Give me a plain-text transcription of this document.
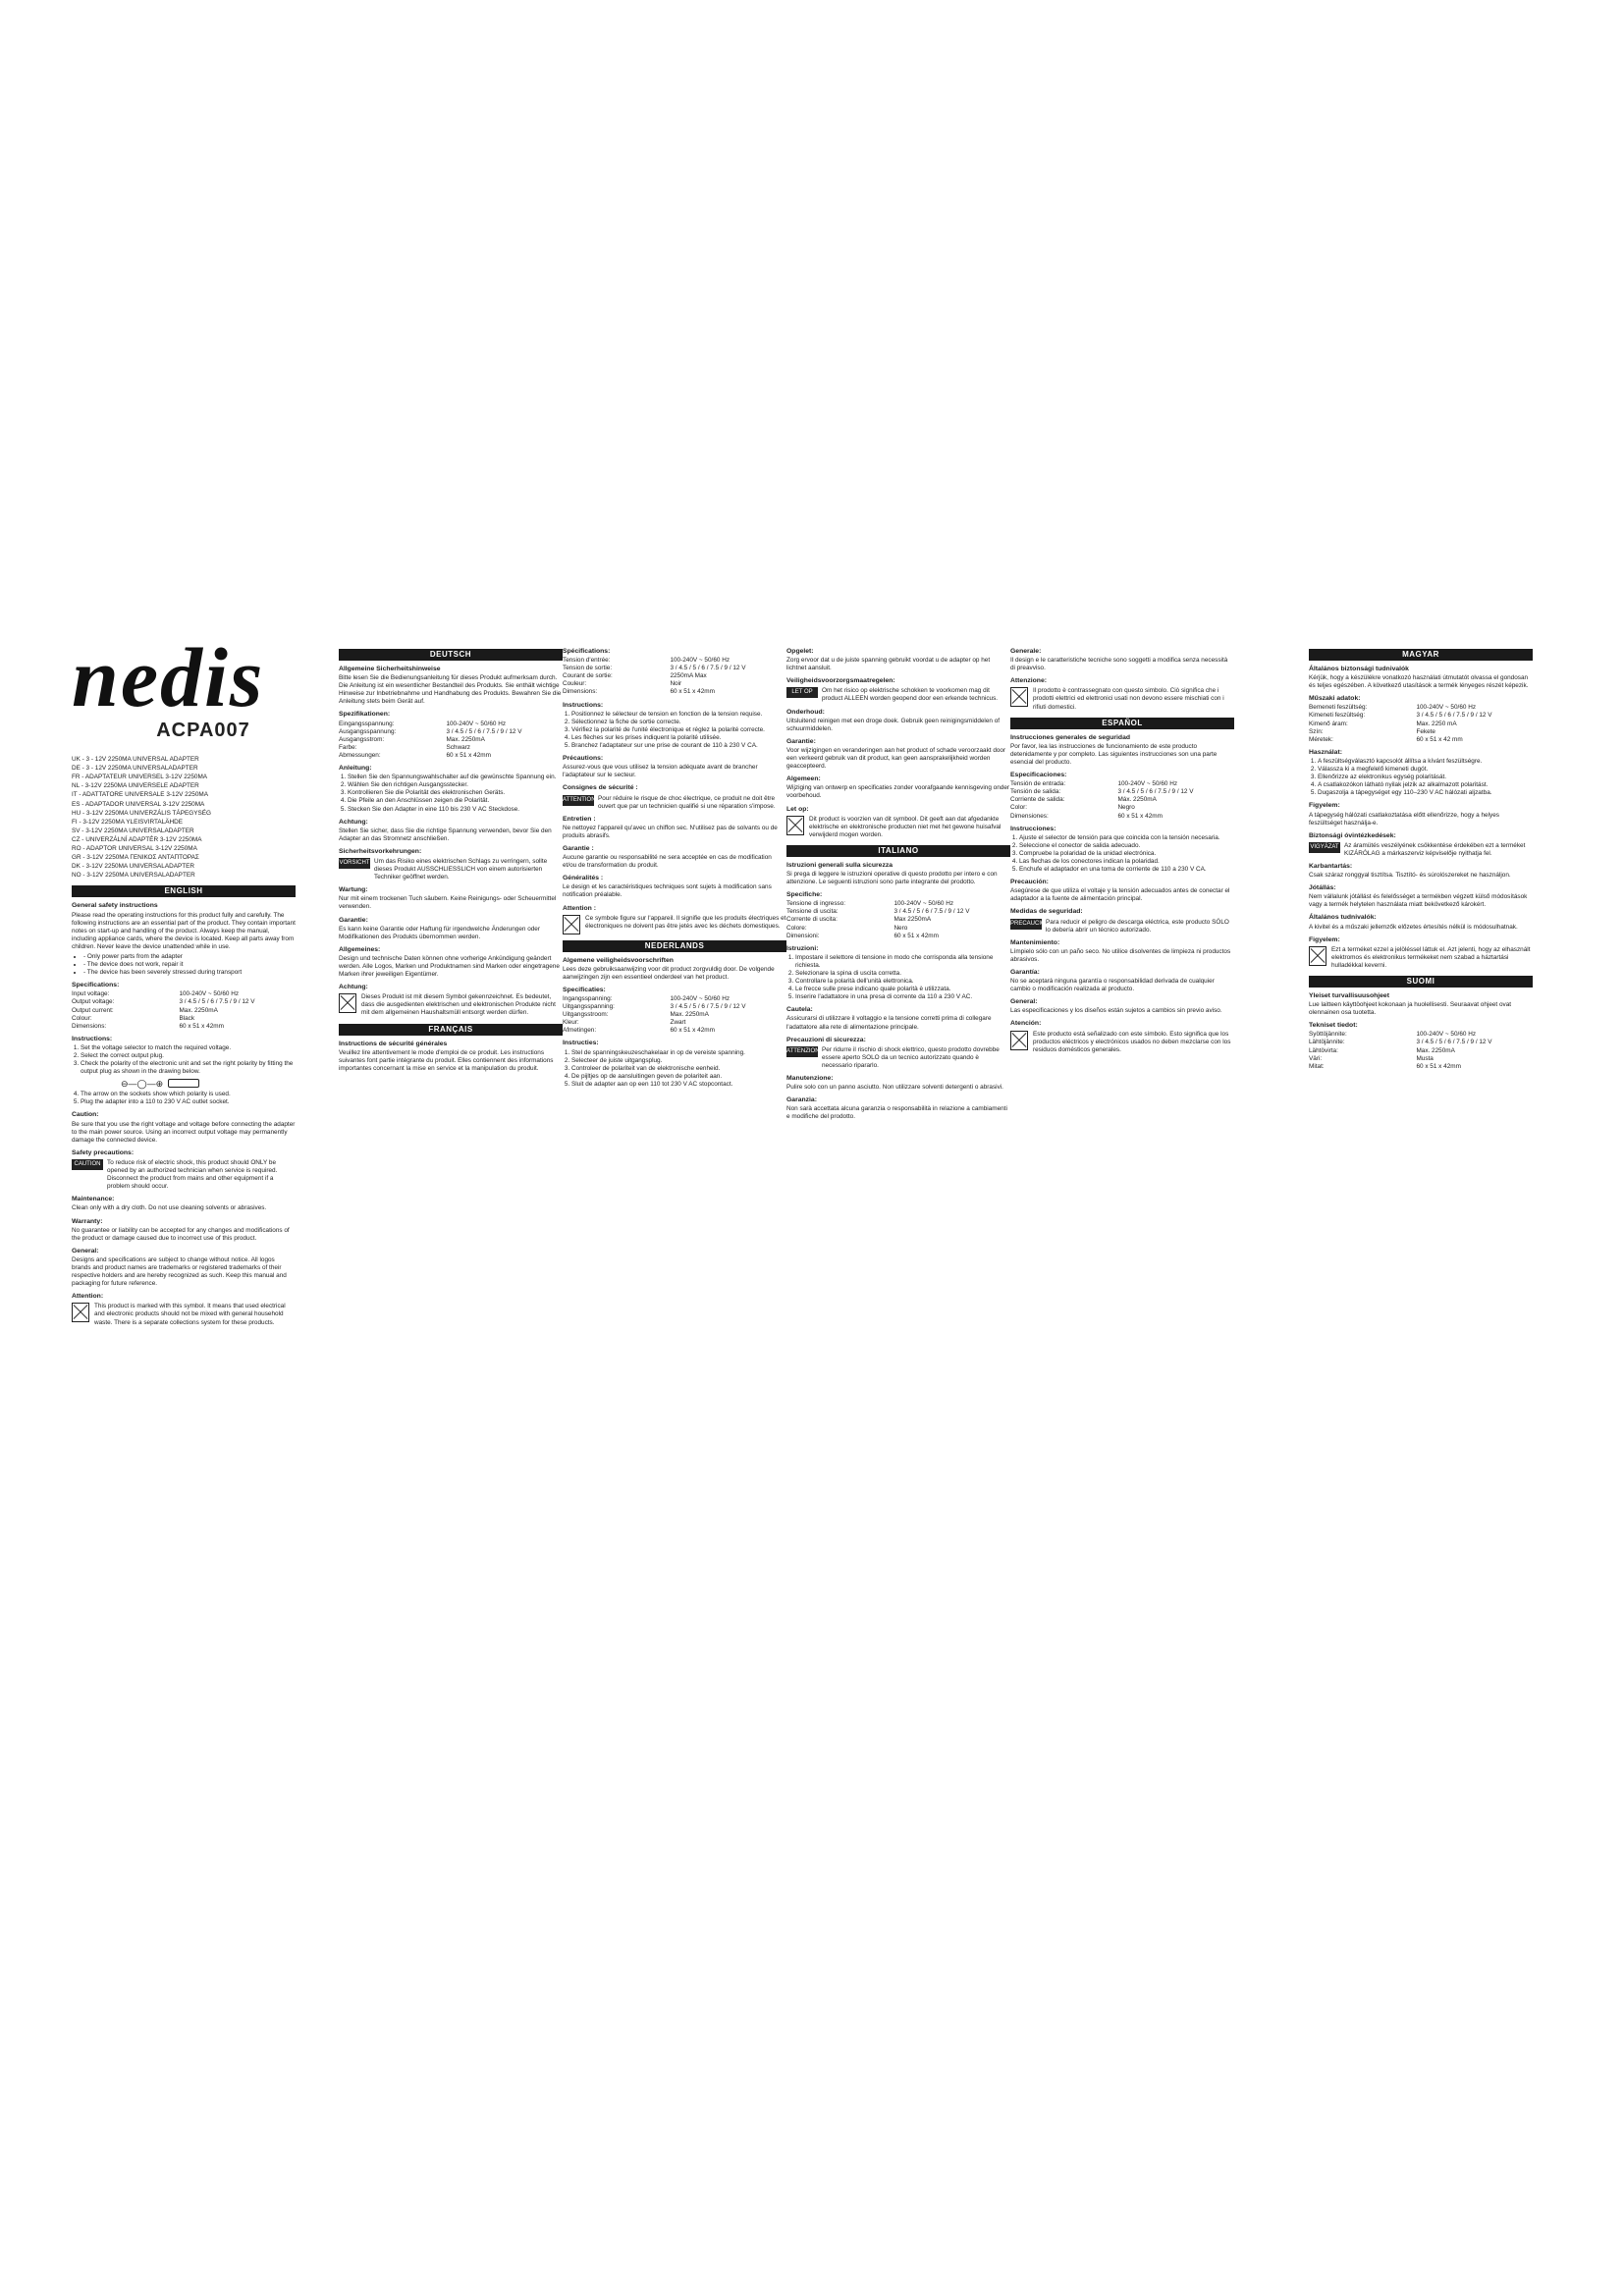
nedis
ACPA007
UK - 3 - 12V 2250MA UNIVERSAL ADAPTER
DE - 3 - 12V 2250MA UNIVERSALADAPTER
FR - ADAPTATEUR UNIVERSEL 3-12V 2250MA
NL - 3-12V 2250MA UNIVERSELE ADAPTER
IT - ADATTATORE UNIVERSALE 3-12V 2250MA
ES - ADAPTADOR UNIVERSAL 3-12V 2250MA
HU - 3-12V 2250MA UNIVERZÁLIS TÁPEGYSÉG
FI - 3-12V 2250MA YLEISVIRTALÄHDE
SV - 3-12V 2250MA UNIVERSALADAPTER
CZ - UNIVERZÁLNÍ ADAPTÉR 3-12V 2250MA
RO - ADAPTOR UNIVERSAL 3-12V 2250MA
GR - 3-12V 2250MA ΓΕΝΙΚΟΣ ΑΝΤΑΠΤΟΡΑΣ
DK - 3-12V 2250MA UNIVERSALADAPTER
NO - 3-12V 2250MA UNIVERSALADAPTER
ENGLISH
General safety instructions

Please read the operating instructions for this product fully and carefully. The following instructions are an essential part of the product. They contain important notes on start-up and handling of the product. Always keep the manual, including appliance cards, where the device is located. Keep all parts away from children. Never leave the device unattended while in use.

• - Only power parts from the adapter
• - The device does not work, repair it
• - The device has been severely stressed during transport
Specifications:
Input voltage:	100-240V ~ 50/60 Hz
Output voltage:	3 / 4.5 / 5 / 6 / 7.5 / 9 / 12 V
Output current:	Max. 2250mA
Colour:	Black
Dimensions:	60 x 51 x 42mm
Instructions:
1. Set the voltage selector to match the required voltage.
2. Select the correct output plug.
3. Check the polarity of the electronic unit and set the right polarity by fitting the output plug as shown in the drawing below.
⊖—◯—⊕
4. The arrow on the sockets show which polarity is used.
5. Plug the adapter into a 110 to 230 V AC outlet socket.
Caution:

Be sure that you use the right voltage and voltage before connecting the adapter to the main power source. Using an incorrect output voltage may permanently damage the connected device.

Safety precautions:
CAUTION	To reduce risk of electric shock, this product should ONLY be opened by an authorized technician when service is required. Disconnect the product from mains and other equipment if a problem should occur.
Maintenance:

Clean only with a dry cloth. Do not use cleaning solvents or abrasives.

Warranty:

No guarantee or liability can be accepted for any changes and modifications of the product or damage caused due to incorrect use of this product.

General:

Designs and specifications are subject to change without notice. All logos brands and product names are trademarks or registered trademarks of their respective holders and are hereby recognized as such. Keep this manual and packaging for future reference.

Attention:
This product is marked with this symbol. It means that used electrical and electronic products should not be mixed with general household waste. There is a separate collections system for these products.
DEUTSCH
Allgemeine Sicherheitshinweise

Bitte lesen Sie die Bedienungsanleitung für dieses Produkt aufmerksam durch. Die Anleitung ist ein wesentlicher Bestandteil des Produkts. Sie enthält wichtige Hinweise zur Inbetriebnahme und Handhabung des Produkts. Bewahren Sie die Anleitung stets beim Gerät auf.

Spezifikationen:
Eingangsspannung:	100-240V ~ 50/60 Hz
Ausgangsspannung:	3 / 4.5 / 5 / 6 / 7.5 / 9 / 12 V
Ausgangsstrom:	Max. 2250mA
Farbe:	Schwarz
Abmessungen:	60 x 51 x 42mm
Anleitung:
1. Stellen Sie den Spannungswahlschalter auf die gewünschte Spannung ein.
2. Wählen Sie den richtigen Ausgangsstecker.
3. Kontrollieren Sie die Polarität des elektronischen Geräts.
4. Die Pfeile an den Anschlüssen zeigen die Polarität.
5. Stecken Sie den Adapter in eine 110 bis 230 V AC Steckdose.
Achtung:

Stellen Sie sicher, dass Sie die richtige Spannung verwenden, bevor Sie den Adapter an das Stromnetz anschließen.

Sicherheitsvorkehrungen:
VORSICHT Um das Risiko eines elektrischen Schlags zu verringern, sollte dieses Produkt AUSSCHLIESSLICH von einem autorisierten Techniker geöffnet werden.
Wartung:

Nur mit einem trockenen Tuch säubern. Keine Reinigungs- oder Scheuermittel verwenden.

Garantie:

Es kann keine Garantie oder Haftung für irgendwelche Änderungen oder Modifikationen des Produkts übernommen werden.

Allgemeines:

Design und technische Daten können ohne vorherige Ankündigung geändert werden. Alle Logos, Marken und Produktnamen sind Marken oder eingetragene Marken ihrer jeweiligen Eigentümer.

Achtung:
Dieses Produkt ist mit diesem Symbol gekennzeichnet. Es bedeutet, dass die ausgedienten elektrischen und elektronischen Produkte nicht mit dem allgemeinen Haushaltsmüll entsorgt werden dürfen.
FRANÇAIS
Instructions de sécurité générales

Veuillez lire attentivement le mode d'emploi de ce produit. Les instructions suivantes font partie intégrante du produit. Elles contiennent des informations importantes concernant la mise en service et la manipulation du produit.

Spécifications:
Tension d'entrée:	100-240V ~ 50/60 Hz
Tension de sortie:	3 / 4.5 / 5 / 6 / 7.5 / 9 / 12 V
Courant de sortie:	2250mA Max
Couleur:	Noir
Dimensions:	60 x 51 x 42mm
Instructions:
1. Positionnez le sélecteur de tension en fonction de la tension requise.
2. Sélectionnez la fiche de sortie correcte.
3. Vérifiez la polarité de l'unité électronique et réglez la polarité correcte.
4. Les flèches sur les prises indiquent la polarité utilisée.
5. Branchez l'adaptateur sur une prise de courant de 110 à 230 V CA.
Précautions:

Assurez-vous que vous utilisez la tension adéquate avant de brancher l'adaptateur sur le secteur.

Consignes de sécurité :
ATTENTION Pour réduire le risque de choc électrique, ce produit ne doit être ouvert que par un technicien qualifié si une réparation s'impose.
Entretien :

Ne nettoyez l'appareil qu'avec un chiffon sec. N'utilisez pas de solvants ou de produits abrasifs.

Garantie :

Aucune garantie ou responsabilité ne sera acceptée en cas de modification et/ou de transformation du produit.

Généralités :

Le design et les caractéristiques techniques sont sujets à modification sans notification préalable.

Attention :
Ce symbole figure sur l'appareil. Il signifie que les produits électriques et électroniques ne doivent pas être jetés avec les déchets domestiques.
NEDERLANDS
Algemene veiligheidsvoorschriften

Lees deze gebruiksaanwijzing voor dit product zorgvuldig door. De volgende aanwijzingen zijn een essentieel onderdeel van het product.

Specificaties:
Ingangsspanning:	100-240V ~ 50/60 Hz
Uitgangsspanning:	3 / 4.5 / 5 / 6 / 7.5 / 9 / 12 V
Uitgangsstroom:	Max. 2250mA
Kleur:	Zwart
Afmetingen:	60 x 51 x 42mm
Instructies:
1. Stel de spanningskeuzeschakelaar in op de vereiste spanning.
2. Selecteer de juiste uitgangsplug.
3. Controleer de polariteit van de elektronische eenheid.
4. De pijltjes op de aansluitingen geven de polariteit aan.
5. Sluit de adapter aan op een 110 tot 230 V AC stopcontact.
Opgelet:

Zorg ervoor dat u de juiste spanning gebruikt voordat u de adapter op het lichtnet aansluit.

Veiligheidsvoorzorgsmaatregelen:
LET OP	Om het risico op elektrische schokken te voorkomen mag dit product ALLEEN worden geopend door een erkende technicus.
Onderhoud:

Uitsluitend reinigen met een droge doek. Gebruik geen reinigingsmiddelen of schuurmiddelen.

Garantie:

Voor wijzigingen en veranderingen aan het product of schade veroorzaakt door een verkeerd gebruik van dit product, kan geen aansprakelijkheid worden geaccepteerd.

Algemeen:

Wijziging van ontwerp en specificaties zonder voorafgaande kennisgeving onder voorbehoud.

Let op:
Dit product is voorzien van dit symbool. Dit geeft aan dat afgedankte elektrische en elektronische producten niet met het gewone huisafval verwijderd mogen worden.
ITALIANO
Istruzioni generali sulla sicurezza

Si prega di leggere le istruzioni operative di questo prodotto per intero e con attenzione. Le seguenti istruzioni sono parte integrante del prodotto.

Specifiche:
Tensione di ingresso:	100-240V ~ 50/60 Hz
Tensione di uscita:	3 / 4.5 / 5 / 6 / 7.5 / 9 / 12 V
Corrente di uscita:	Max 2250mA
Colore:	Nero
Dimensioni:	60 x 51 x 42mm
Istruzioni:
1. Impostare il selettore di tensione in modo che corrisponda alla tensione richiesta.
2. Selezionare la spina di uscita corretta.
3. Controllare la polarità dell'unità elettronica.
4. Le frecce sulle prese indicano quale polarità è utilizzata.
5. Inserire l'adattatore in una presa di corrente da 110 a 230 V AC.
Cautela:

Assicurarsi di utilizzare il voltaggio e la tensione corretti prima di collegare l'adattatore alla rete di alimentazione principale.

Precauzioni di sicurezza:
ATTENZIONE
Per ridurre il rischio di shock elettrico, questo prodotto dovrebbe essere aperto SOLO da un tecnico autorizzato quando è necessario ripararlo.
Manutenzione:

Pulire solo con un panno asciutto. Non utilizzare solventi detergenti o abrasivi.

Garanzia:

Non sarà accettata alcuna garanzia o responsabilità in relazione a cambiamenti e modifiche del prodotto.

Generale:

Il design e le caratteristiche tecniche sono soggetti a modifica senza necessità di preavviso.

Attenzione:
Il prodotto è contrassegnato con questo simbolo. Ciò significa che i prodotti elettrici ed elettronici usati non devono essere mischiati con i rifiuti domestici.
ESPAÑOL
Instrucciones generales de seguridad

Por favor, lea las instrucciones de funcionamiento de este producto detenidamente y por completo. Las siguientes instrucciones son una parte esencial del producto.

Especificaciones:
Tensión de entrada:	100-240V ~ 50/60 Hz
Tensión de salida:	3 / 4.5 / 5 / 6 / 7.5 / 9 / 12 V
Corriente de salida:	Máx. 2250mA
Color:	Negro
Dimensiones:	60 x 51 x 42mm
Instrucciones:
1. Ajuste el selector de tensión para que coincida con la tensión necesaria.
2. Seleccione el conector de salida adecuado.
3. Compruebe la polaridad de la unidad electrónica.
4. Las flechas de los conectores indican la polaridad.
5. Enchufe el adaptador en una toma de corriente de 110 a 230 V CA.
Precaución:

Asegúrese de que utiliza el voltaje y la tensión adecuados antes de conectar el adaptador a la fuente de alimentación principal.

Medidas de seguridad:
PRECAUCIÓN
Para reducir el peligro de descarga eléctrica, este producto SÓLO lo debería abrir un técnico autorizado.
Mantenimiento:

Límpielo sólo con un paño seco. No utilice disolventes de limpieza ni productos abrasivos.

Garantía:

No se aceptará ninguna garantía o responsabilidad derivada de cualquier cambio o modificación realizada al producto.

General:

Las especificaciones y los diseños están sujetos a cambios sin previo aviso.

Atención:
Este producto está señalizado con este símbolo. Esto significa que los productos eléctricos y electrónicos usados no deben mezclarse con los residuos domésticos generales.
MAGYAR
Általános biztonsági tudnivalók

Kérjük, hogy a készülékre vonatkozó használati útmutatót olvassa el gondosan és teljes egészében. A következő utasítások a termék lényeges részét képezik.

Műszaki adatok:
Bemeneti feszültség:	100-240V ~ 50/60 Hz
Kimeneti feszültség:	3 / 4.5 / 5 / 6 / 7.5 / 9 / 12 V
Kimenő áram:	Max. 2250 mA
Szín:	Fekete
Méretek:	60 x 51 x 42 mm
Használat:
1. A feszültségválasztó kapcsolót állítsa a kívánt feszültségre.
2. Válassza ki a megfelelő kimeneti dugót.
3. Ellenőrizze az elektronikus egység polaritását.
4. A csatlakozókon látható nyilak jelzik az alkalmazott polaritást.
5. Dugaszolja a tápegységet egy 110–230 V AC hálózati aljzatba.
Figyelem:

A tápegység hálózati csatlakoztatása előtt ellenőrizze, hogy a helyes feszültséget használja-e.

Biztonsági óvintézkedések:
VIGYÁZAT Az áramütés veszélyének csökkentése érdekében ezt a terméket KIZÁRÓLAG a márkaszerviz képviselője nyithatja fel.
Karbantartás:

Csak száraz ronggyal tisztítsa. Tisztító- és súrolószereket ne használjon.

Jótállás:

Nem vállalunk jótállást és felelősséget a termékben végzett külső módosítások vagy a termék helytelen használata miatt bekövetkező károkért.

Általános tudnivalók:

A kivitel és a műszaki jellemzők előzetes értesítés nélkül is módosulhatnak.

Figyelem:
Ezt a terméket ezzel a jelöléssel láttuk el. Azt jelenti, hogy az elhasznált elektromos és elektronikus termékeket nem szabad a háztartási hulladékkal keverni.
SUOMI
Yleiset turvallisuusohjeet

Lue laitteen käyttöohjeet kokonaan ja huolellisesti. Seuraavat ohjeet ovat olennainen osa tuotetta.

Tekniset tiedot:
Syöttöjännite:	100-240V ~ 50/60 Hz
Lähtöjännite:	3 / 4.5 / 5 / 6 / 7.5 / 9 / 12 V
Lähtövirta:	Max. 2250mA
Väri:	Musta
Mitat:	60 x 51 x 42mm
